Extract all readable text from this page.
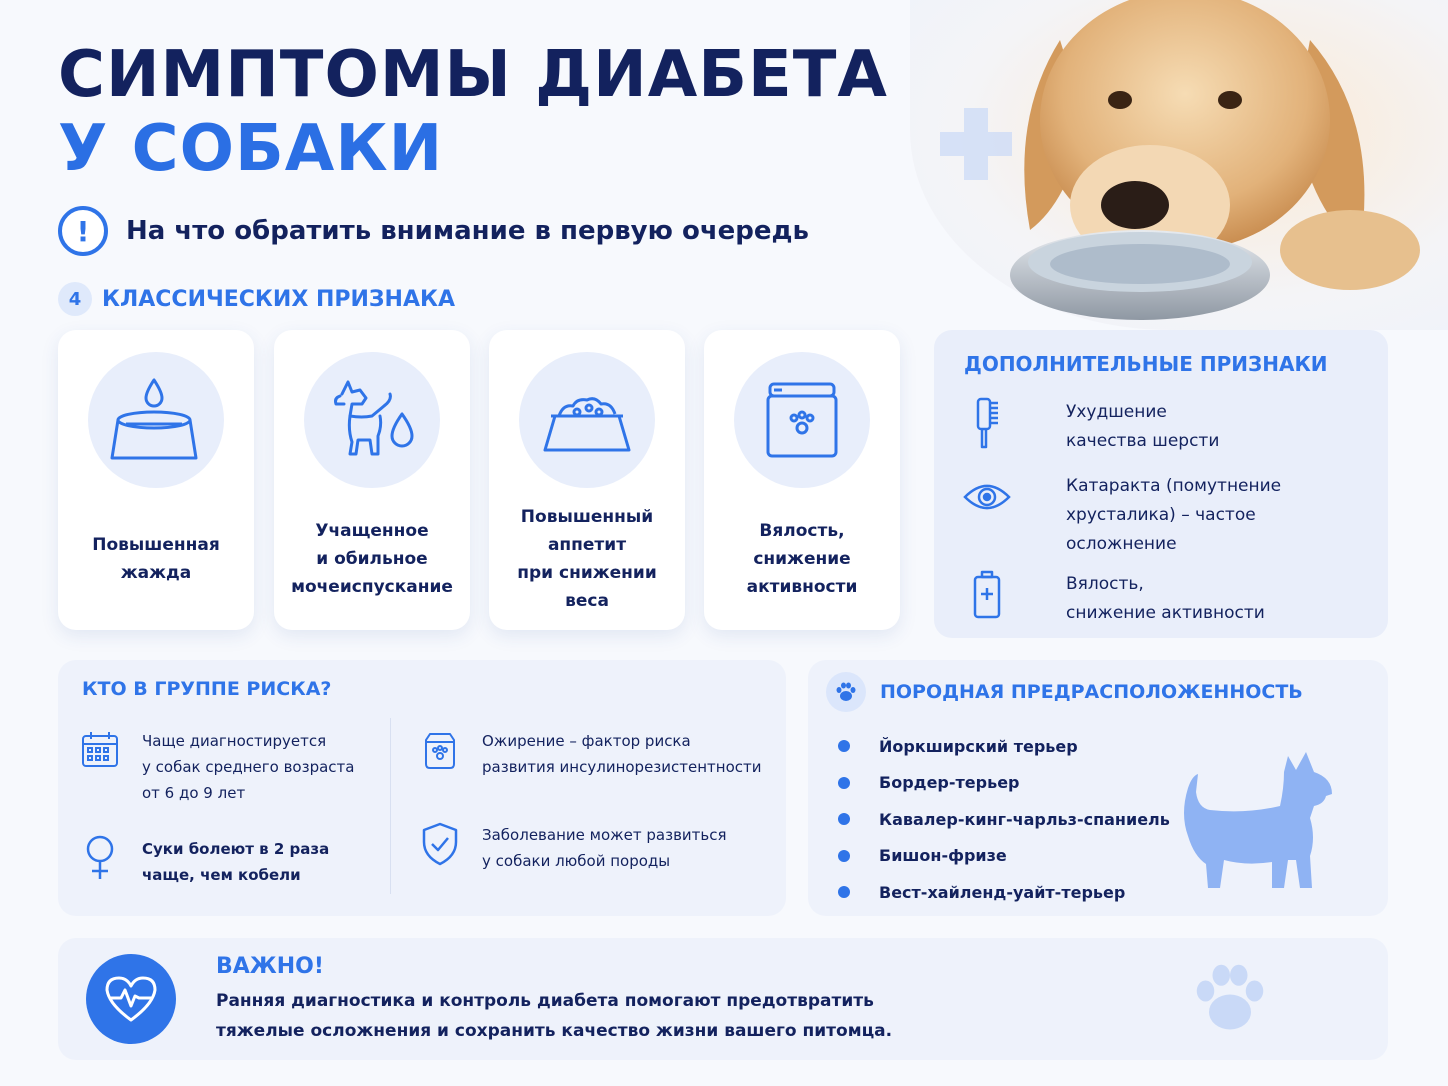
СИМПТОМЫ ДИАБЕТА
У СОБАКИ
!	На что обратить внимание в первую очередь
4 КЛАССИЧЕСКИХ ПРИЗНАКА
Повышенная
жажда
Учащенное
и обильное
мочеиспускание
Повышенный
аппетит
при снижении
веса
Вялость,
снижение
активности
ДОПОЛНИТЕЛЬНЫЕ ПРИЗНАКИ
Ухудшение
качества шерсти
Катаракта (помутнение
хрусталика) – частое
осложнение
Вялость,
снижение активности
КТО В ГРУППЕ РИСКА?
Чаще диагностируется
у собак среднего возраста
от 6 до 9 лет
Суки болеют в 2 раза
чаще, чем кобели
Ожирение – фактор риска
развития инсулинорезистентности
Заболевание может развиться
у собаки любой породы
ПОРОДНАЯ ПРЕДРАСПОЛОЖЕННОСТЬ
Йоркширский терьер
Бордер-терьер
Кавалер-кинг-чарльз-спаниель
Бишон-фризе
Вест-хайленд-уайт-терьер
ВАЖНО!
Ранняя диагностика и контроль диабета помогают предотвратить
тяжелые осложнения и сохранить качество жизни вашего питомца.
